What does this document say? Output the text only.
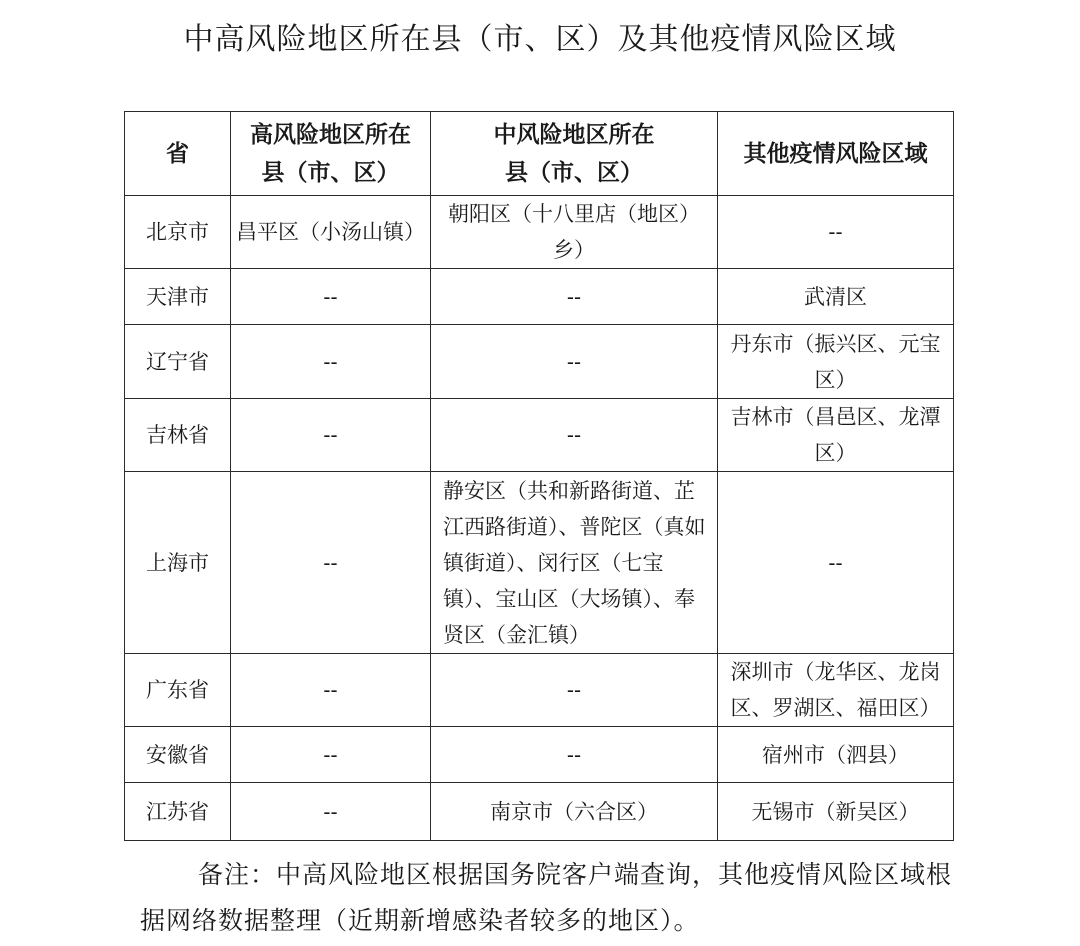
中高风险地区所在县（市、区）及其他疫情风险区域
省	高风险地区所在县（市、区）	中风险地区所在县（市、区）	其他疫情风险区域
北京市	昌平区（小汤山镇）	朝阳区（十八里店（地区）乡）	--
天津市	--	--	武清区
辽宁省	--	--	丹东市（振兴区、元宝区）
吉林省	--	--	吉林市（昌邑区、龙潭区）
上海市	--	静安区（共和新路街道、芷江西路街道）、普陀区（真如镇街道）、闵行区（七宝镇）、宝山区（大场镇）、奉贤区（金汇镇）	--
广东省	--	--	深圳市（龙华区、龙岗区、罗湖区、福田区）
安徽省	--	--	宿州市（泗县）
江苏省	--	南京市（六合区）	无锡市（新吴区）
备注：中高风险地区根据国务院客户端查询，其他疫情风险区域根据网络数据整理（近期新增感染者较多的地区）。
